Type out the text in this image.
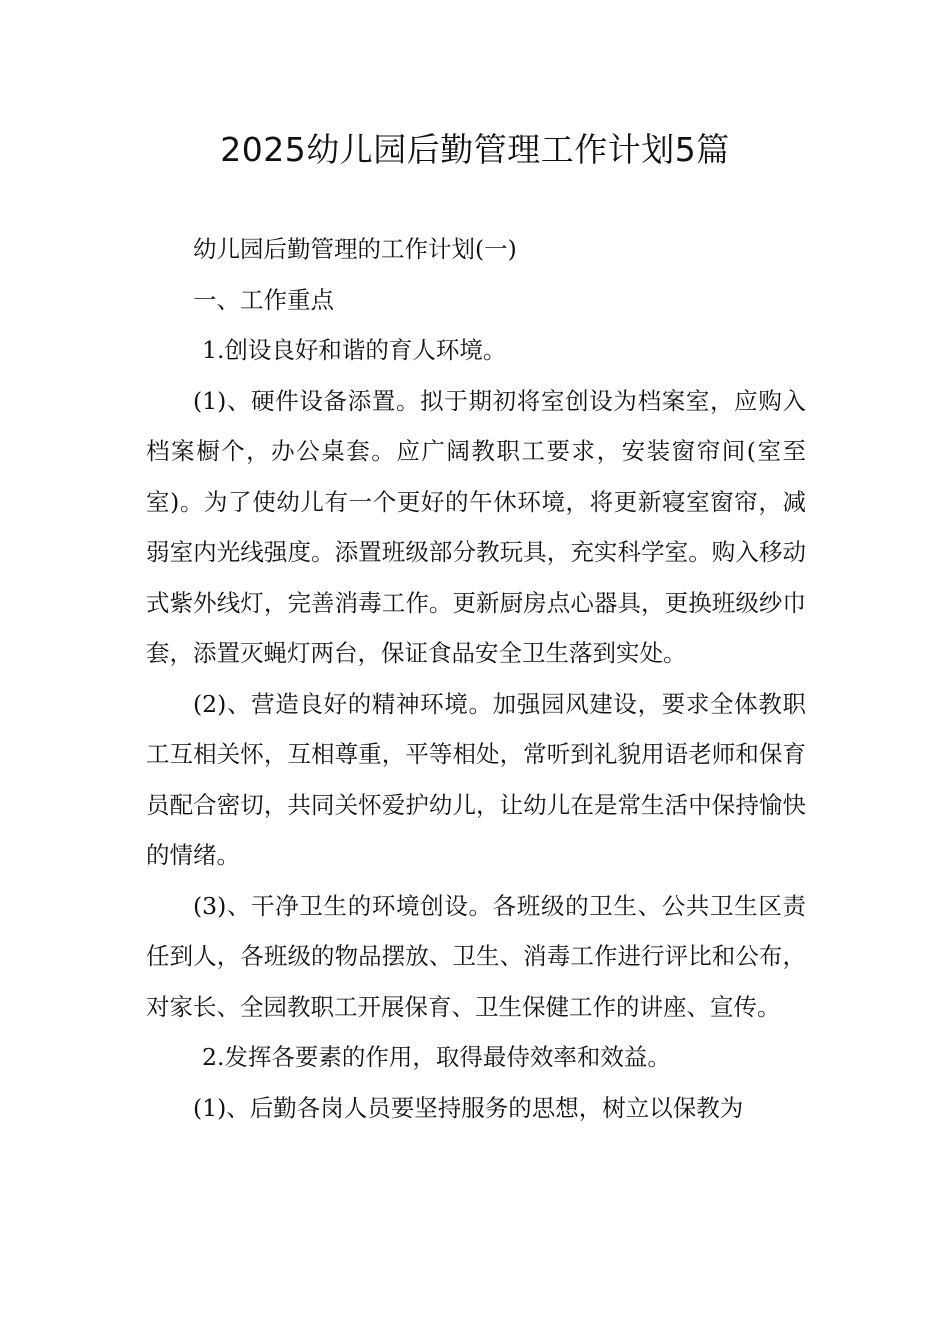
2025幼儿园后勤管理工作计划5篇

幼儿园后勤管理的工作计划(一)

一、工作重点

1.创设良好和谐的育人环境。

(1)、硬件设备添置。拟于期初将室创设为档案室，应购入档案橱个，办公桌套。应广阔教职工要求，安装窗帘间(室至室)。为了使幼儿有一个更好的午休环境，将更新寝室窗帘，减弱室内光线强度。添置班级部分教玩具，充实科学室。购入移动式紫外线灯，完善消毒工作。更新厨房点心器具，更换班级纱巾套，添置灭蝇灯两台，保证食品安全卫生落到实处。

(2)、营造良好的精神环境。加强园风建设，要求全体教职工互相关怀，互相尊重，平等相处，常听到礼貌用语老师和保育员配合密切，共同关怀爱护幼儿，让幼儿在是常生活中保持愉快的情绪。

(3)、干净卫生的环境创设。各班级的卫生、公共卫生区责任到人，各班级的物品摆放、卫生、消毒工作进行评比和公布，对家长、全园教职工开展保育、卫生保健工作的讲座、宣传。

2.发挥各要素的作用，取得最侍效率和效益。

(1)、后勤各岗人员要坚持服务的思想，树立以保教为
